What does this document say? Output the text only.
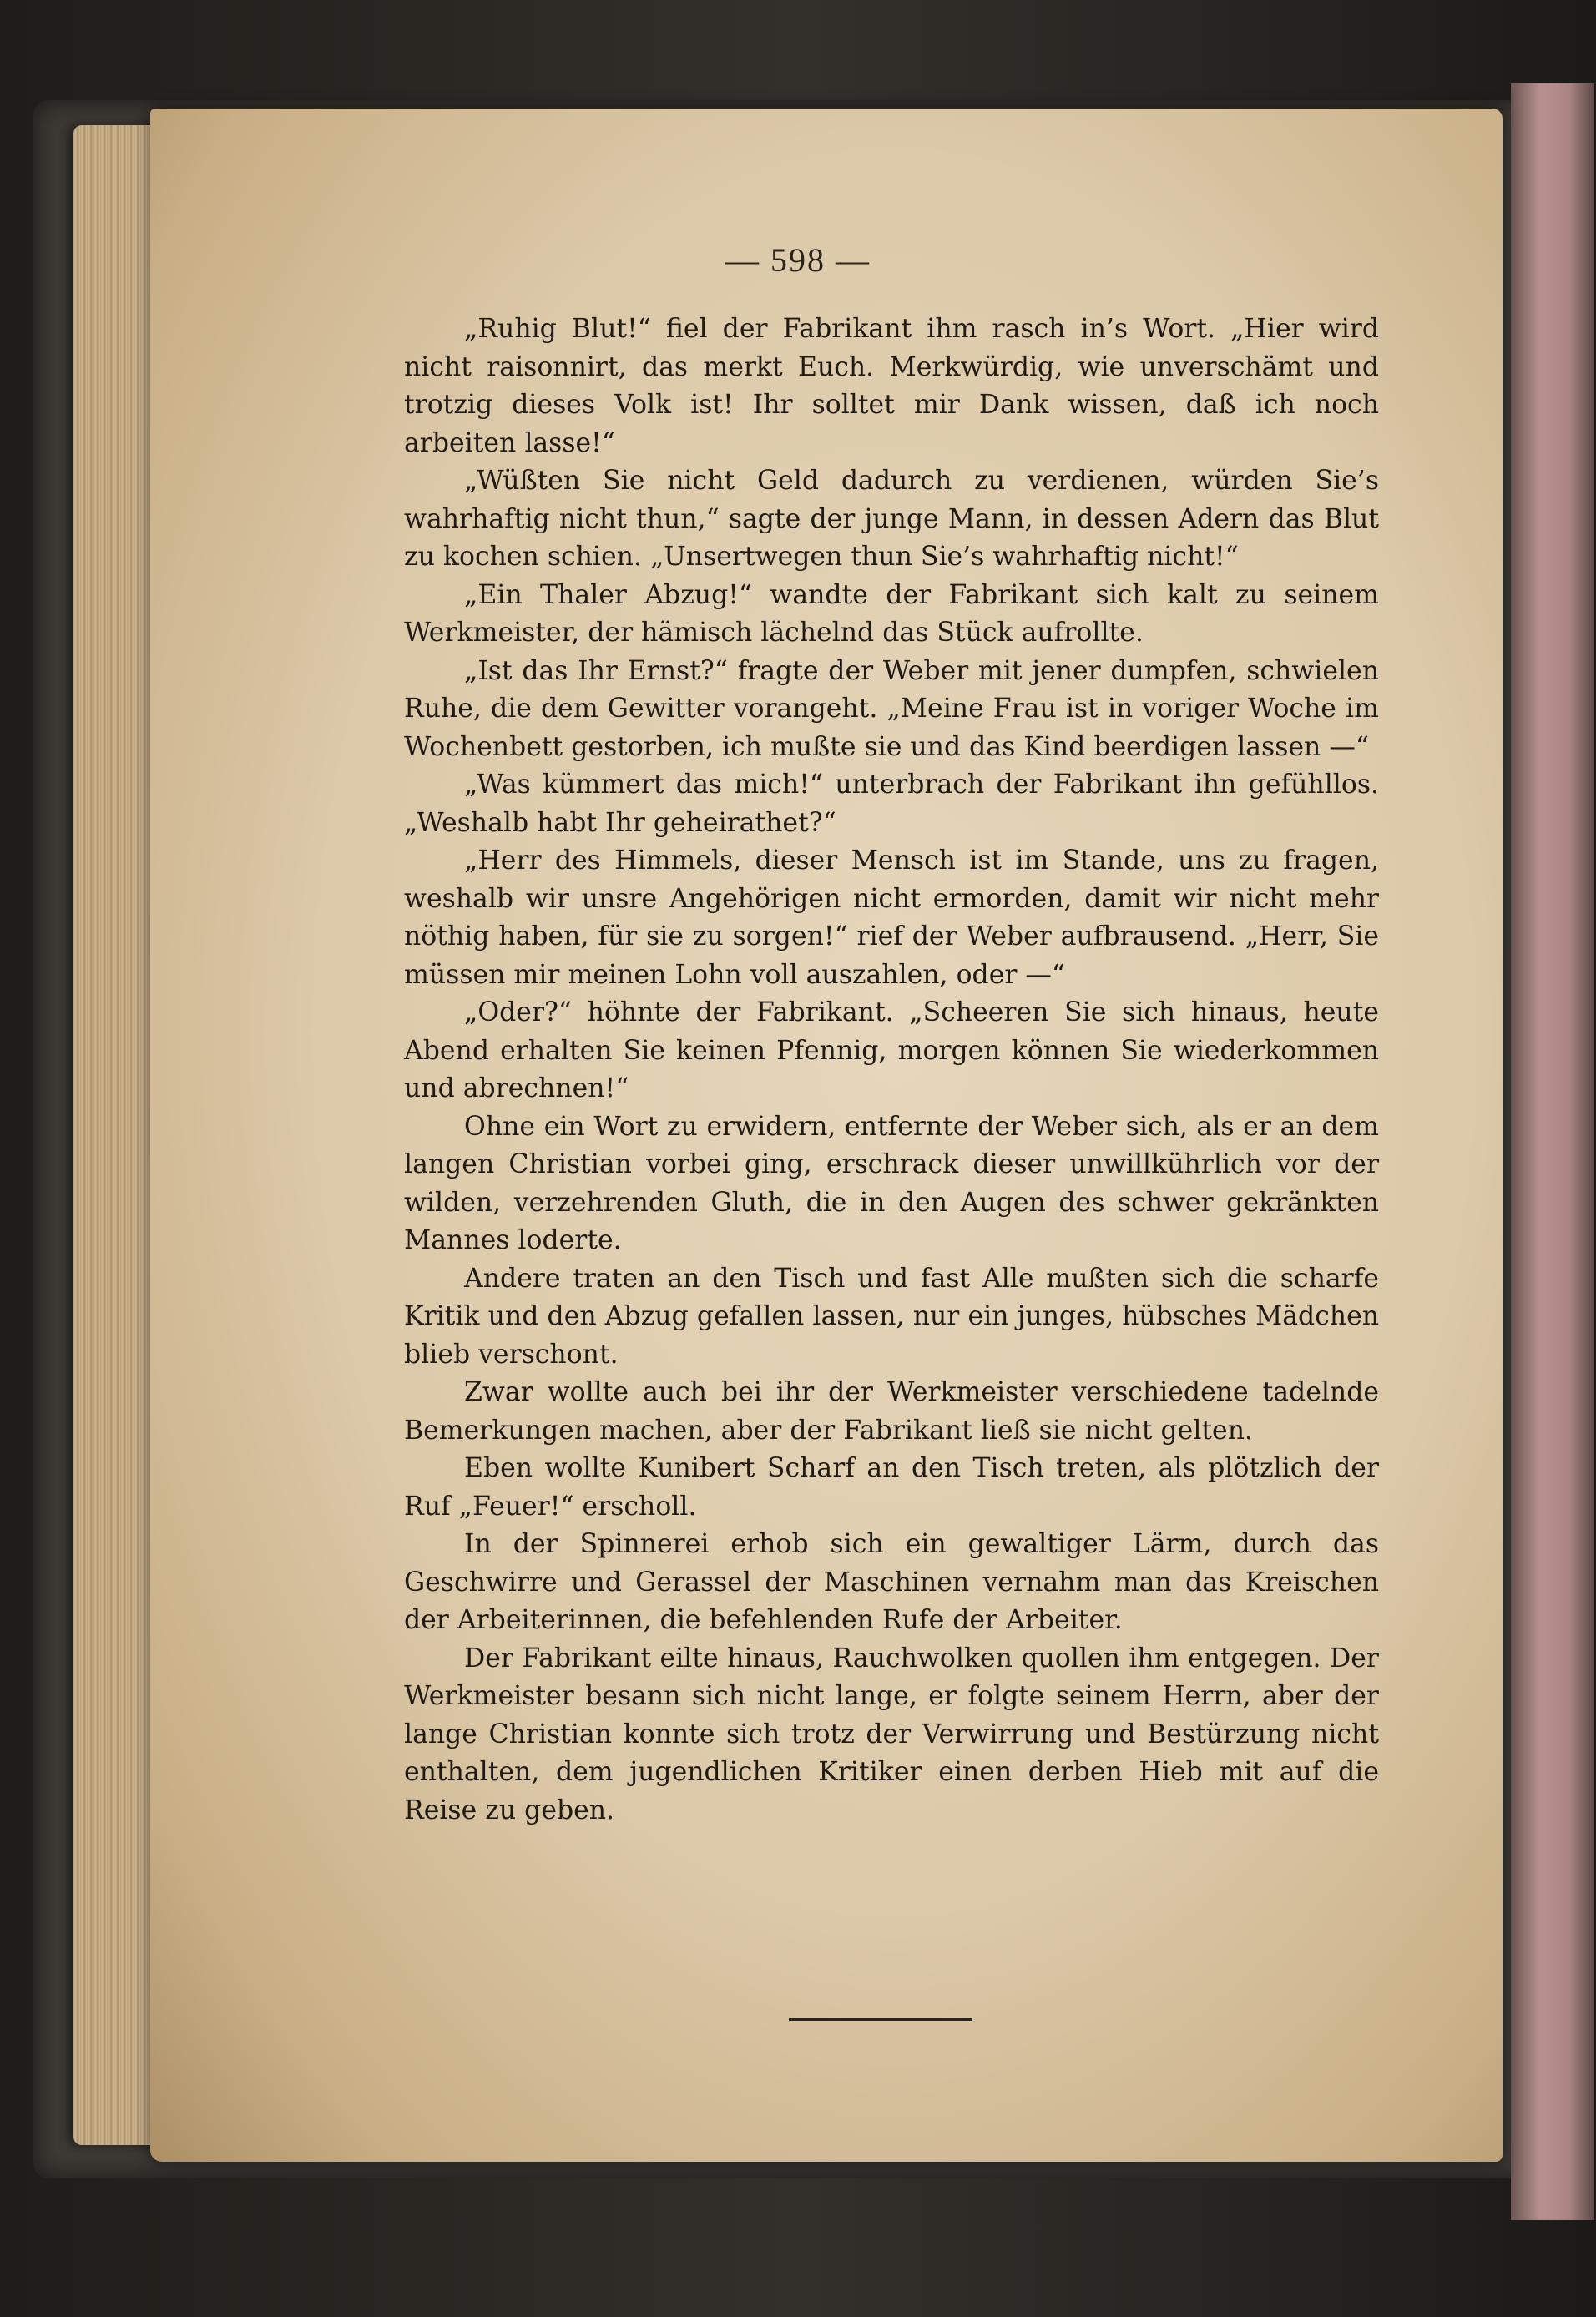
— 598 —

„Ruhig Blut!“ fiel der Fabrikant ihm rasch in’s Wort. „Hier wird nicht raisonnirt, das merkt Euch. Merkwürdig, wie unverschämt und trotzig dieses Volk ist! Ihr solltet mir Dank wissen, daß ich noch arbeiten lasse!“

„Wüßten Sie nicht Geld dadurch zu verdienen, würden Sie’s wahrhaftig nicht thun,“ sagte der junge Mann, in dessen Adern das Blut zu kochen schien. „Unsertwegen thun Sie’s wahrhaftig nicht!“

„Ein Thaler Abzug!“ wandte der Fabrikant sich kalt zu seinem Werkmeister, der hämisch lächelnd das Stück aufrollte.

„Ist das Ihr Ernst?“ fragte der Weber mit jener dumpfen, schwielen Ruhe, die dem Gewitter vorangeht. „Meine Frau ist in voriger Woche im Wochenbett gestorben, ich mußte sie und das Kind beerdigen lassen —“

„Was kümmert das mich!“ unterbrach der Fabrikant ihn gefühllos. „Weshalb habt Ihr geheirathet?“

„Herr des Himmels, dieser Mensch ist im Stande, uns zu fragen, weshalb wir unsre Angehörigen nicht ermorden, damit wir nicht mehr nöthig haben, für sie zu sorgen!“ rief der Weber aufbrausend. „Herr, Sie müssen mir meinen Lohn voll auszahlen, oder —“

„Oder?“ höhnte der Fabrikant. „Scheeren Sie sich hinaus, heute Abend erhalten Sie keinen Pfennig, morgen können Sie wiederkommen und abrechnen!“

Ohne ein Wort zu erwidern, entfernte der Weber sich, als er an dem langen Christian vorbei ging, erschrack dieser unwillkührlich vor der wilden, verzehrenden Gluth, die in den Augen des schwer gekränkten Mannes loderte.

Andere traten an den Tisch und fast Alle mußten sich die scharfe Kritik und den Abzug gefallen lassen, nur ein junges, hübsches Mädchen blieb verschont.

Zwar wollte auch bei ihr der Werkmeister verschiedene tadelnde Bemerkungen machen, aber der Fabrikant ließ sie nicht gelten.

Eben wollte Kunibert Scharf an den Tisch treten, als plötzlich der Ruf „Feuer!“ erscholl.

In der Spinnerei erhob sich ein gewaltiger Lärm, durch das Geschwirre und Gerassel der Maschinen vernahm man das Kreischen der Arbeiterinnen, die befehlenden Rufe der Arbeiter.

Der Fabrikant eilte hinaus, Rauchwolken quollen ihm entgegen. Der Werkmeister besann sich nicht lange, er folgte seinem Herrn, aber der lange Christian konnte sich trotz der Verwirrung und Bestürzung nicht enthalten, dem jugendlichen Kritiker einen derben Hieb mit auf die Reise zu geben.
